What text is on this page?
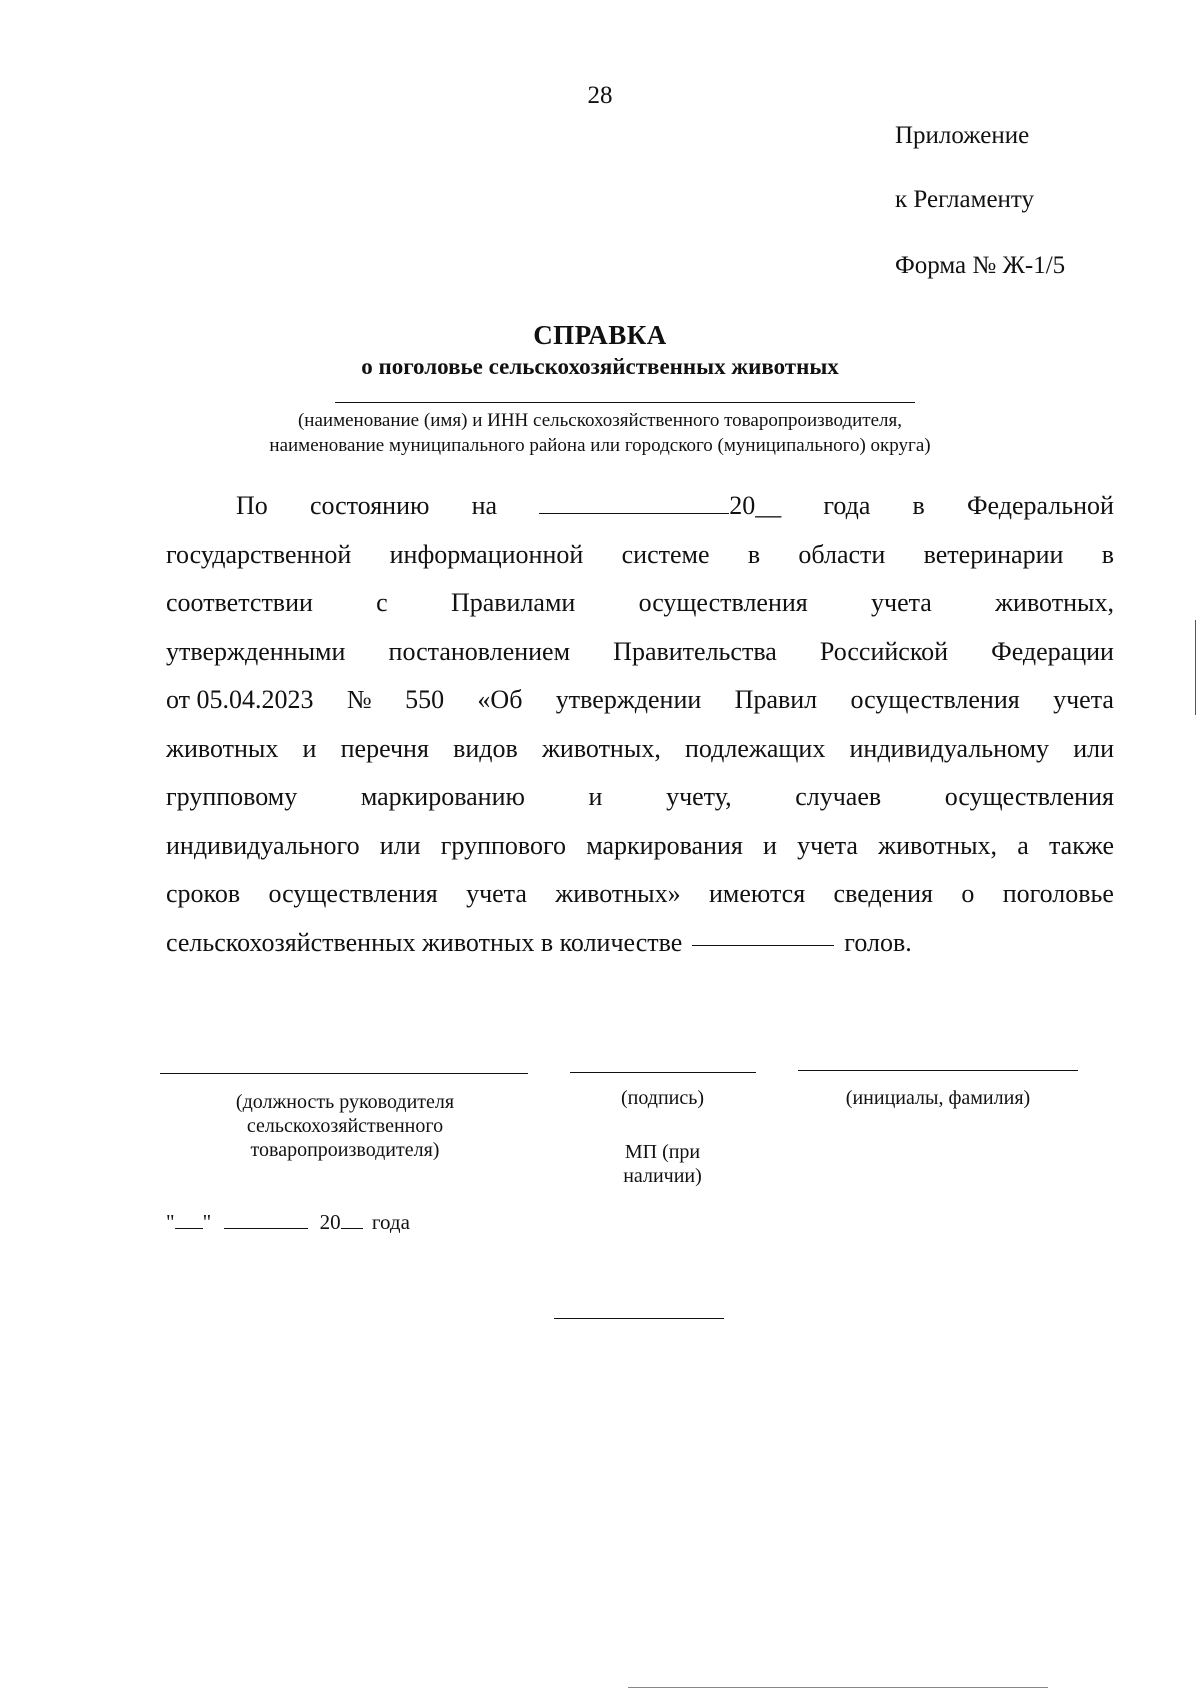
28
Приложение
к Регламенту
Форма № Ж-1/5
СПРАВКА
о поголовье сельскохозяйственных животных
(наименование (имя) и ИНН сельскохозяйственного товаропроизводителя,
наименование муниципального района или городского (муниципального) округа)
По состоянию на	20__ года в Федеральной
государственной информационной системе в области ветеринарии в
соответствии с Правилами осуществления учета животных,
утвержденными постановлением Правительства Российской Федерации
от 05.04.2023 № 550 «Об утверждении Правил осуществления учета
животных и перечня видов животных, подлежащих индивидуальному или
групповому маркированию и учету, случаев осуществления
индивидуального или группового маркирования и учета животных, а также
сроков осуществления учета животных» имеются сведения о поголовье
сельскохозяйственных животных в количестве	голов.
(должность руководителя сельскохозяйственного товаропроизводителя)
(подпись)
МП (при наличии)
(инициалы, фамилия)
" "	20 года
